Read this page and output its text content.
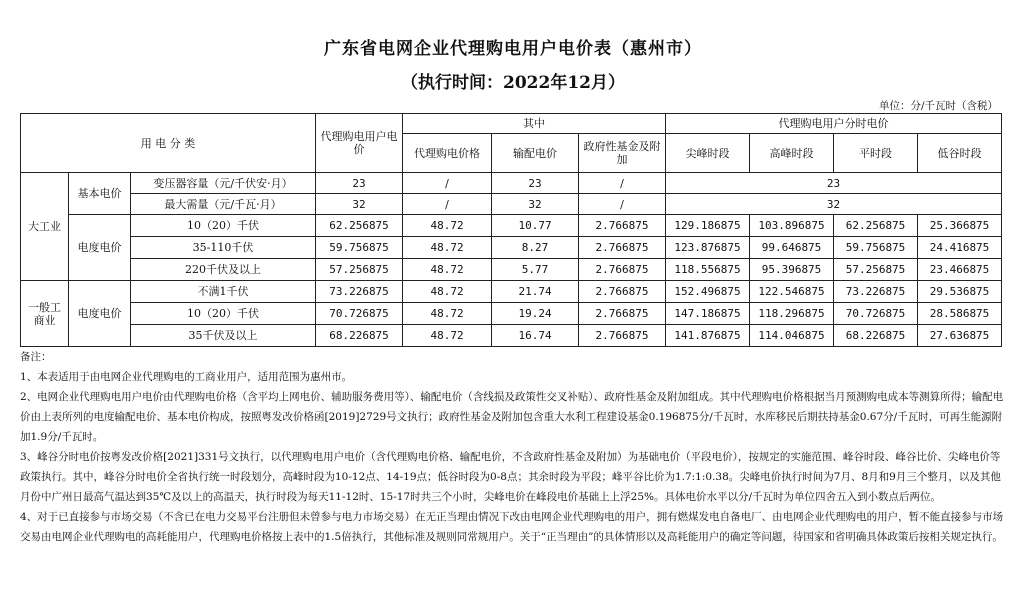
广东省电网企业代理购电用户电价表（惠州市）
（执行时间：2022年12月）
单位：分/千瓦时（含税）
用 电 分 类			代理购电用户电价	其中			代理购电用户分时电价			
				代理购电价格	输配电价	政府性基金及附加	尖峰时段	高峰时段	平时段	低谷时段
大工业	基本电价	变压器容量（元/千伏安·月）	23	/	23	/	23			
		最大需量（元/千瓦·月）	32	/	32	/	32			
	电度电价	10（20）千伏	62.256875	48.72	10.77	2.766875	129.186875	103.896875	62.256875	25.366875
		35-110千伏	59.756875	48.72	8.27	2.766875	123.876875	99.646875	59.756875	24.416875
		220千伏及以上	57.256875	48.72	5.77	2.766875	118.556875	95.396875	57.256875	23.466875
一般工商业	电度电价	不满1千伏	73.226875	48.72	21.74	2.766875	152.496875	122.546875	73.226875	29.536875
		10（20）千伏	70.726875	48.72	19.24	2.766875	147.186875	118.296875	70.726875	28.586875
		35千伏及以上	68.226875	48.72	16.74	2.766875	141.876875	114.046875	68.226875	27.636875

备注：

1、本表适用于由电网企业代理购电的工商业用户，适用范围为惠州市。

2、电网企业代理购电用户电价由代理购电价格（含平均上网电价、辅助服务费用等）、输配电价（含线损及政策性交叉补贴）、政府性基金及附加组成。其中代理购电价格根据当月预测购电成本等测算所得；输配电价由上表所列的电度输配电价、基本电价构成，按照粤发改价格函[2019]2729号文执行；政府性基金及附加包含重大水利工程建设基金0.196875分/千瓦时，水库移民后期扶持基金0.67分/千瓦时，可再生能源附加1.9分/千瓦时。

3、峰谷分时电价按粤发改价格[2021]331号文执行，以代理购电用户电价（含代理购电价格、输配电价，不含政府性基金及附加）为基础电价（平段电价），按规定的实施范围、峰谷时段、峰谷比价、尖峰电价等政策执行。其中，峰谷分时电价全省执行统一时段划分，高峰时段为10-12点、14-19点；低谷时段为0-8点；其余时段为平段；峰平谷比价为1.7:1:0.38。尖峰电价执行时间为7月、8月和9月三个整月，以及其他月份中广州日最高气温达到35℃及以上的高温天，执行时段为每天11-12时、15-17时共三个小时，尖峰电价在峰段电价基础上上浮25%。具体电价水平以分/千瓦时为单位四舍五入到小数点后两位。

4、对于已直接参与市场交易（不含已在电力交易平台注册但未曾参与电力市场交易）在无正当理由情况下改由电网企业代理购电的用户，拥有燃煤发电自备电厂、由电网企业代理购电的用户，暂不能直接参与市场交易由电网企业代理购电的高耗能用户，代理购电价格按上表中的1.5倍执行，其他标准及规则同常规用户。关于“正当理由”的具体情形以及高耗能用户的确定等问题，待国家和省明确具体政策后按相关规定执行。
